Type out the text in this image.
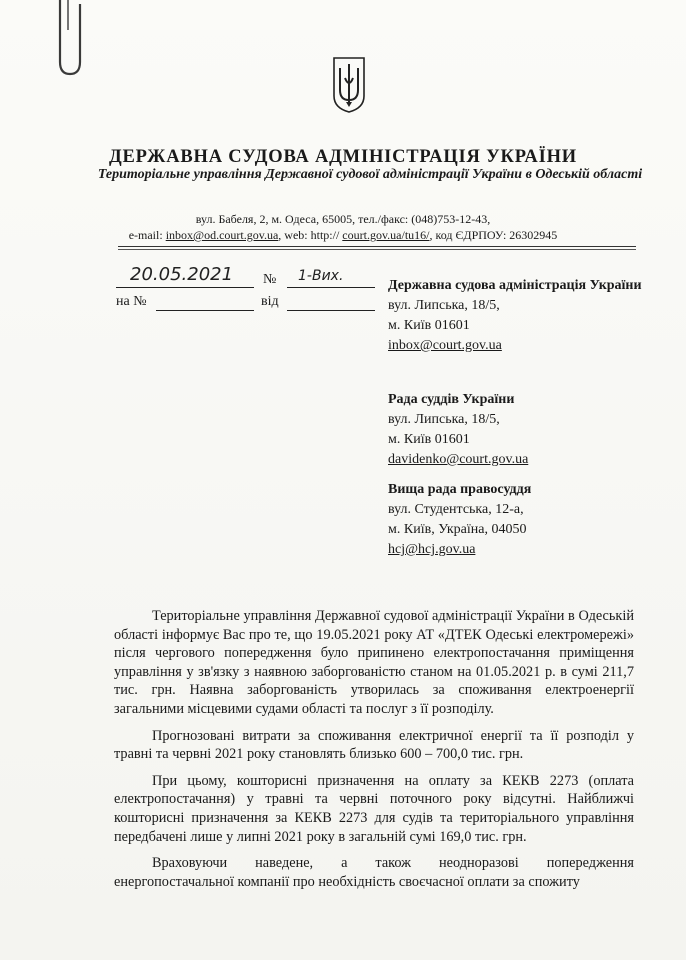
ДЕРЖАВНА СУДОВА АДМІНІСТРАЦІЯ УКРАЇНИ
Територіальне управління Державної судової адміністрації України в Одеській області
вул. Бабеля, 2, м. Одеса, 65005, тел./факс: (048)753-12-43,
e-mail: inbox@od.court.gov.ua, web: http:// court.gov.ua/tu16/, код ЄДРПОУ: 26302945
20.05.2021 № 1-Вих.
на №	від
Державна судова адміністрація України
вул. Липська, 18/5,
м. Київ 01601
inbox@court.gov.ua
Рада суддів України
вул. Липська, 18/5,
м. Київ 01601
davidenko@court.gov.ua
Вища рада правосуддя
вул. Студентська, 12-а,
м. Київ, Україна, 04050
hcj@hcj.gov.ua

Територіальне управління Державної судової адміністрації України в Одеській області інформує Вас про те, що 19.05.2021 року АТ «ДТЕК Одеські електромережі» після чергового попередження було припинено електропостачання приміщення управління у зв'язку з наявною заборгованістю станом на 01.05.2021 р. в сумі 211,7 тис. грн. Наявна заборгованість утворилась за споживання електроенергії загальними місцевими судами області та послуг з її розподілу.

Прогнозовані витрати за споживання електричної енергії та її розподіл у травні та червні 2021 року становлять близько 600 – 700,0 тис. грн.

При цьому, кошторисні призначення на оплату за КЕКВ 2273 (оплата електропостачання) у травні та червні поточного року відсутні. Найближчі кошторисні призначення за КЕКВ 2273 для судів та територіального управління передбачені лише у липні 2021 року в загальній сумі 169,0 тис. грн.

Враховуючи наведене, а також неодноразові попередження енергопостачальної компанії про необхідність своєчасної оплати за спожиту
